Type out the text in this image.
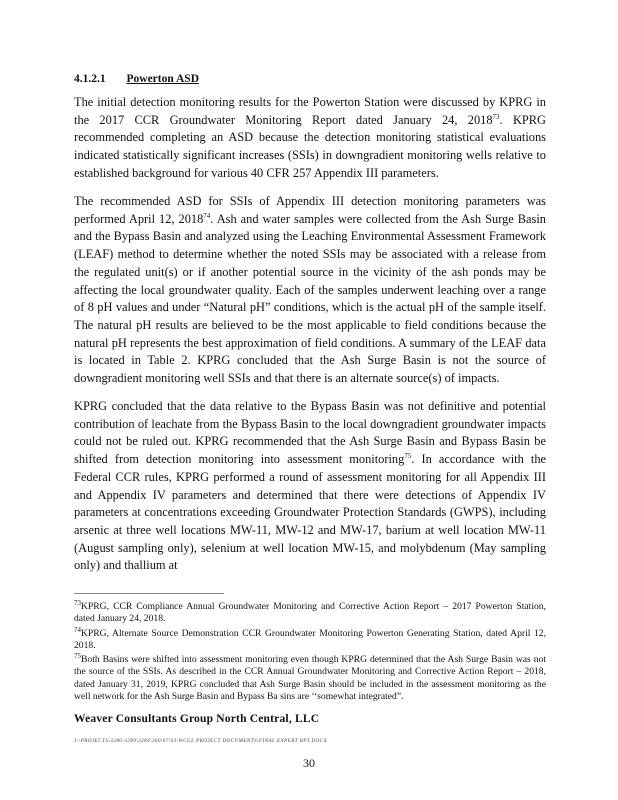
4.1.2.1 Powerton ASD

The initial detection monitoring results for the Powerton Station were discussed by KPRG in the 2017 CCR Groundwater Monitoring Report dated January 24, 2018$^{73}$. KPRG recommended completing an ASD because the detection monitoring statistical evaluations indicated statistically significant increases (SSIs) in downgradient monitoring wells relative to established background for various 40 CFR 257 Appendix III parameters.

The recommended ASD for SSIs of Appendix III detection monitoring parameters was performed April 12, 2018$^{74}$. Ash and water samples were collected from the Ash Surge Basin and the Bypass Basin and analyzed using the Leaching Environmental Assessment Framework (LEAF) method to determine whether the noted SSIs may be associated with a release from the regulated unit(s) or if another potential source in the vicinity of the ash ponds may be affecting the local groundwater quality. Each of the samples underwent leaching over a range of 8 pH values and under “Natural pH” conditions, which is the actual pH of the sample itself. The natural pH results are believed to be the most applicable to field conditions because the natural pH represents the best approximation of field conditions. A summary of the LEAF data is located in Table 2. KPRG concluded that the Ash Surge Basin is not the source of downgradient monitoring well SSIs and that there is an alternate source(s) of impacts.

KPRG concluded that the data relative to the Bypass Basin was not definitive and potential contribution of leachate from the Bypass Basin to the local downgradient groundwater impacts could not be ruled out. KPRG recommended that the Ash Surge Basin and Bypass Basin be shifted from detection monitoring into assessment monitoring$^{75}$. In accordance with the Federal CCR rules, KPRG performed a round of assessment monitoring for all Appendix III and Appendix IV parameters and determined that there were detections of Appendix IV parameters at concentrations exceeding Groundwater Protection Standards (GWPS), including arsenic at three well locations MW-11, MW-12 and MW-17, barium at well location MW-11 (August sampling only), selenium at well location MW-15, and molybdenum (May sampling only) and thallium at

$^{73}$KPRG, CCR Compliance Annual Groundwater Monitoring and Corrective Action Report – 2017 Powerton Station, dated January 24, 2018.

$^{74}$KPRG, Alternate Source Demonstration CCR Groundwater Monitoring Powerton Generating Station, dated April 12, 2018.

$^{75}$Both Basins were shifted into assessment monitoring even though KPRG determined that the Ash Surge Basin was not the source of the SSIs. As described in the CCR Annual Groundwater Monitoring and Corrective Action Report – 2018, dated January 31, 2019, KPRG concluded that Ash Surge Basin should be included in the assessment monitoring as the well network for the Ash Surge Basin and Bypass Ba sins are ‘‘somewhat integrated”.

Weaver Consultants Group North Central, LLC
J:\PROJECTS\3280-3289\3284\300\07\03\WCGL PROJECT DOCUMENTS\FINAL EXPERT RPT.DOCX
30
